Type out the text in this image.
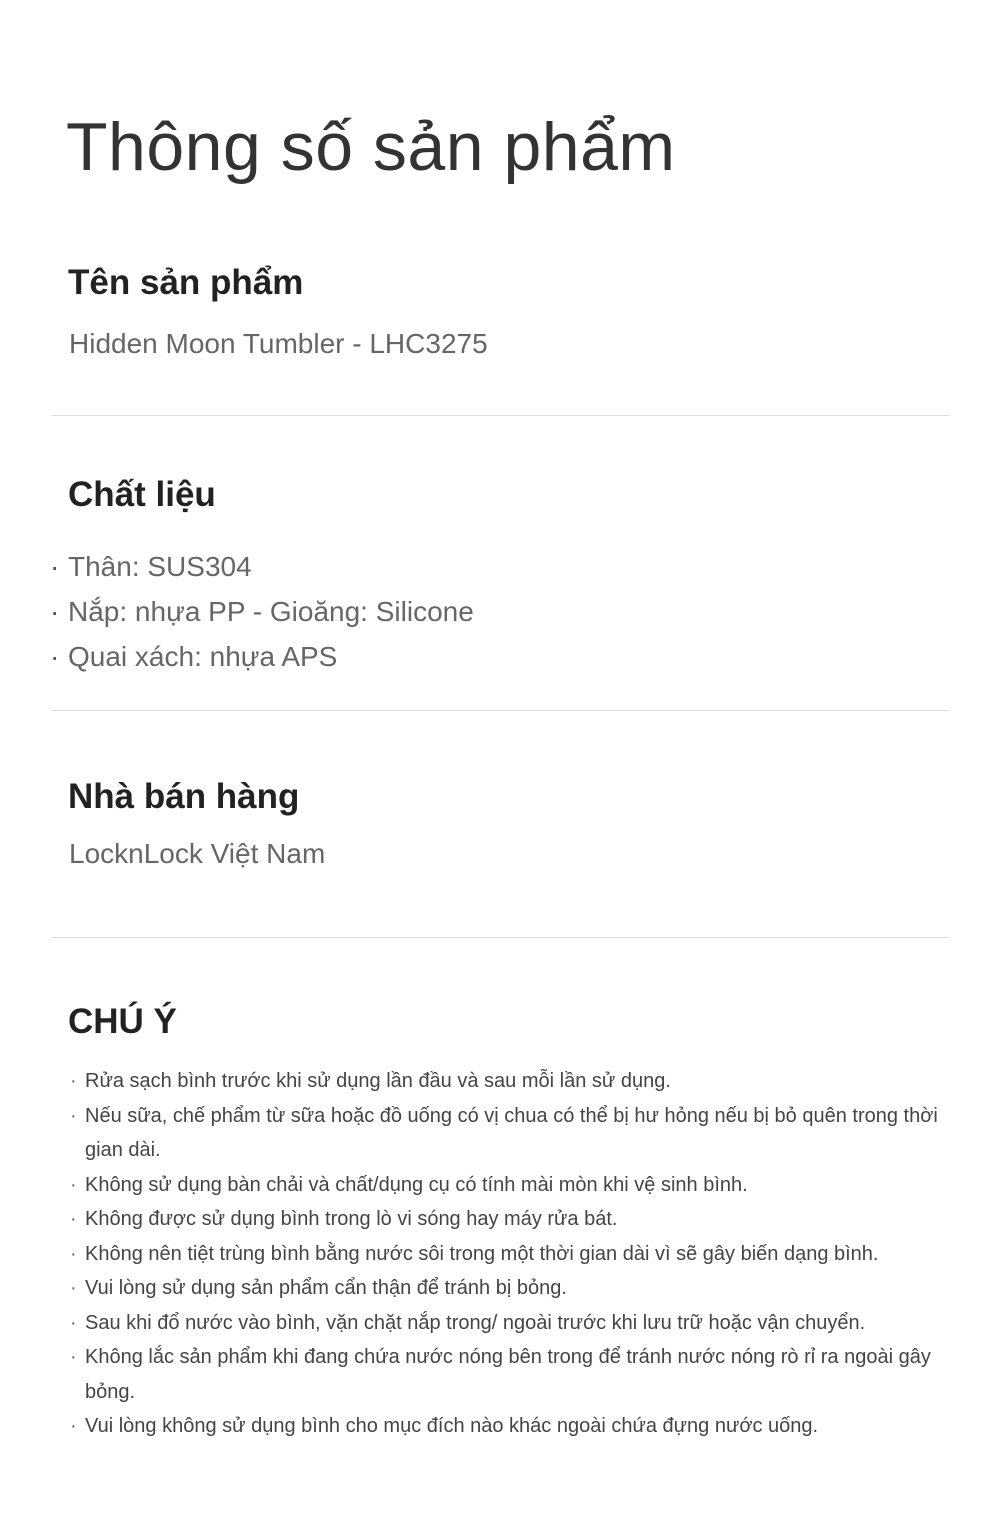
Thông số sản phẩm
Tên sản phẩm

Hidden Moon Tumbler - LHC3275

Chất liệu
· Thân: SUS304
· Nắp: nhựa PP - Gioăng: Silicone
· Quai xách: nhựa APS
Nhà bán hàng

LocknLock Việt Nam

CHÚ Ý
· Rửa sạch bình trước khi sử dụng lần đầu và sau mỗi lần sử dụng.
· Nếu sữa, chế phẩm từ sữa hoặc đồ uống có vị chua có thể bị hư hỏng nếu bị bỏ quên trong thời gian dài.
· Không sử dụng bàn chải và chất/dụng cụ có tính mài mòn khi vệ sinh bình.
· Không được sử dụng bình trong lò vi sóng hay máy rửa bát.
· Không nên tiệt trùng bình bằng nước sôi trong một thời gian dài vì sẽ gây biến dạng bình.
· Vui lòng sử dụng sản phẩm cẩn thận để tránh bị bỏng.
· Sau khi đổ nước vào bình, vặn chặt nắp trong/ ngoài trước khi lưu trữ hoặc vận chuyển.
· Không lắc sản phẩm khi đang chứa nước nóng bên trong để tránh nước nóng rò rỉ ra ngoài gây bỏng.
· Vui lòng không sử dụng bình cho mục đích nào khác ngoài chứa đựng nước uống.
